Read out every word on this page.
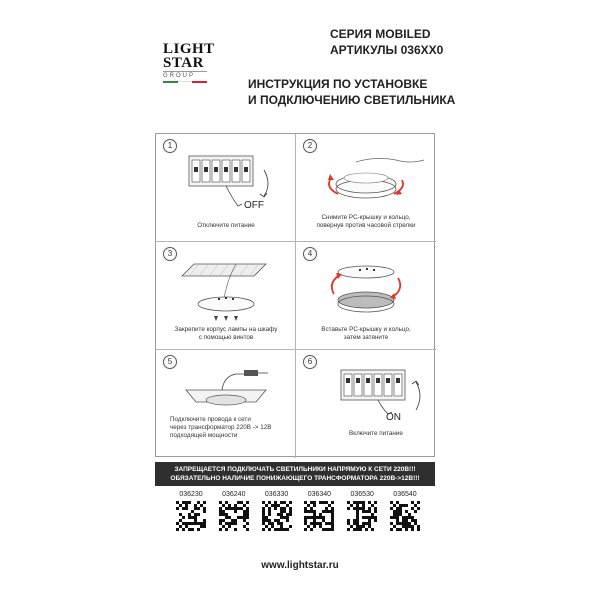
LIGHT
STAR
GROUP
СЕРИЯ MOBILED
АРТИКУЛЫ 036XX0
ИНСТРУКЦИЯ ПО УСТАНОВКЕ
И ПОДКЛЮЧЕНИЮ СВЕТИЛЬНИКА
1
OFF
Отключите питание
2
Снимите PC-крышку и кольцо,
повернув против часовой стрелки
3
Закрепите корпус лампы на шкафу
с помощью винтов
4
Вставьте PC-крышку и кольцо,
затем затяните
5
Подключите провода к сети
через трансформатор 220В -> 12В
подходящей мощности
6
ON
Включите питание
ЗАПРЕЩАЕТСЯ ПОДКЛЮЧАТЬ СВЕТИЛЬНИКИ НАПРЯМУЮ К СЕТИ 220В!!!
ОБЯЗАТЕЛЬНО НАЛИЧИЕ ПОНИЖАЮЩЕГО ТРАНСФОРМАТОРА 220В->12В!!!
036230	036240	036330	036340	036530	036540
www.lightstar.ru
